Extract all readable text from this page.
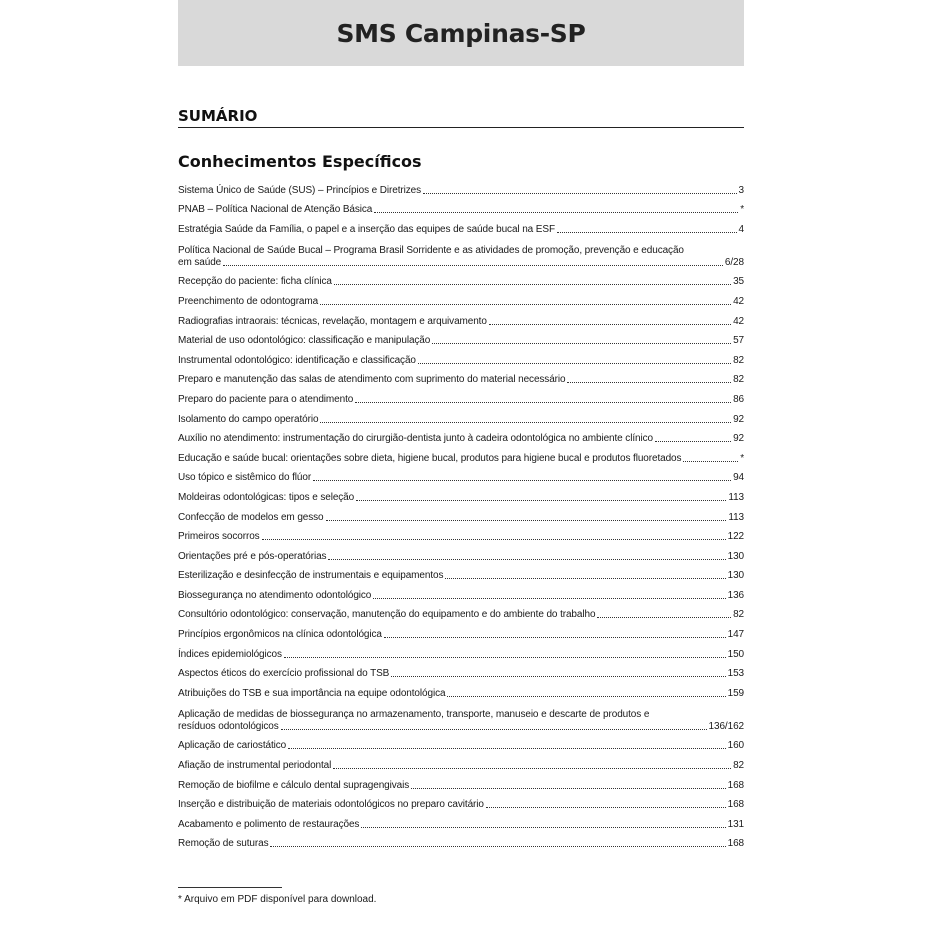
SMS Campinas-SP
SUMÁRIO
Conhecimentos Específicos
Sistema Único de Saúde (SUS) – Princípios e Diretrizes	3
PNAB – Política Nacional de Atenção Básica	*
Estratégia Saúde da Família, o papel e a inserção das equipes de saúde bucal na ESF	4
Política Nacional de Saúde Bucal – Programa Brasil Sorridente e as atividades de promoção, prevenção e educação
em saúde	6/28
Recepção do paciente: ficha clínica	35
Preenchimento de odontograma	42
Radiografias intraorais: técnicas, revelação, montagem e arquivamento	42
Material de uso odontológico: classificação e manipulação	57
Instrumental odontológico: identificação e classificação	82
Preparo e manutenção das salas de atendimento com suprimento do material necessário	82
Preparo do paciente para o atendimento	86
Isolamento do campo operatório	92
Auxílio no atendimento: instrumentação do cirurgião-dentista junto à cadeira odontológica no ambiente clínico	92
Educação e saúde bucal: orientações sobre dieta, higiene bucal, produtos para higiene bucal e produtos fluoretados	*
Uso tópico e sistêmico do flúor	94
Moldeiras odontológicas: tipos e seleção	113
Confecção de modelos em gesso	113
Primeiros socorros	122
Orientações pré e pós-operatórias	130
Esterilização e desinfecção de instrumentais e equipamentos	130
Biossegurança no atendimento odontológico	136
Consultório odontológico: conservação, manutenção do equipamento e do ambiente do trabalho	82
Princípios ergonômicos na clínica odontológica	147
Índices epidemiológicos	150
Aspectos éticos do exercício profissional do TSB	153
Atribuições do TSB e sua importância na equipe odontológica	159
Aplicação de medidas de biossegurança no armazenamento, transporte, manuseio e descarte de produtos e
resíduos odontológicos	136/162
Aplicação de cariostático	160
Afiação de instrumental periodontal	82
Remoção de biofilme e cálculo dental supragengivais	168
Inserção e distribuição de materiais odontológicos no preparo cavitário	168
Acabamento e polimento de restaurações	131
Remoção de suturas	168
* Arquivo em PDF disponível para download.
